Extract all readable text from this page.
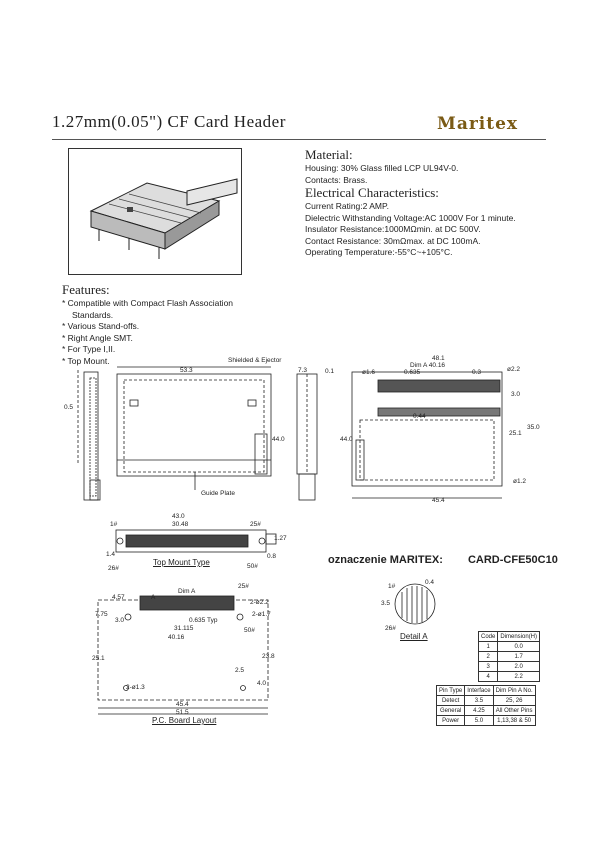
1.27mm(0.05") CF Card Header	Maritex
Material:
Housing: 30% Glass filled LCP UL94V-0.
Contacts: Brass.
Electrical Characteristics:
Current Rating:2 AMP.
Dielectric Withstanding Voltage:AC 1000V For 1 minute.
Insulator Resistance:1000MΩmin. at DC 500V.
Contact Resistance: 30mΩmax. at DC 100mA.
Operating Temperature:-55°C~+105°C.
Features:
* Compatible with Compact Flash Association
Standards.
* Various Stand-offs.
* Right Angle SMT.
* For Type I,II.
* Top Mount.	Shielded & Ejector
53.3	7.3	0.1
0.5
44.0	44.0
Guide Plate
48.1
Dim A 40.16
0.635	0.3
ø1.6	ø2.2
3.0
0.44
25.1
35.0
ø1.2
45.4
43.0
30.48
1#	25#
1.27
1.4	0.8
26#	50#
Top Mount Type
4.57
Dim A
A
25#
2-ø2.2
2-ø1.7
7.75
3.0	0.635 Typ
31.115	50#
40.16
25.1	23.8
2.5
4.0
2-ø1.3
45.4
51.5
P.C. Board Layout
oznaczenie MARITEX: CARD-CFE50C10
1#
0.4
3.5
26#
Detail A	Code	Dimension(H)
1	0.0
2	1.7
3	2.0
4	2.2
Pin Type	Interface	Dim Pin A No.
Detect	3.5	25, 26
General	4.25	All Other Pins
Power	5.0	1,13,38 & 50
